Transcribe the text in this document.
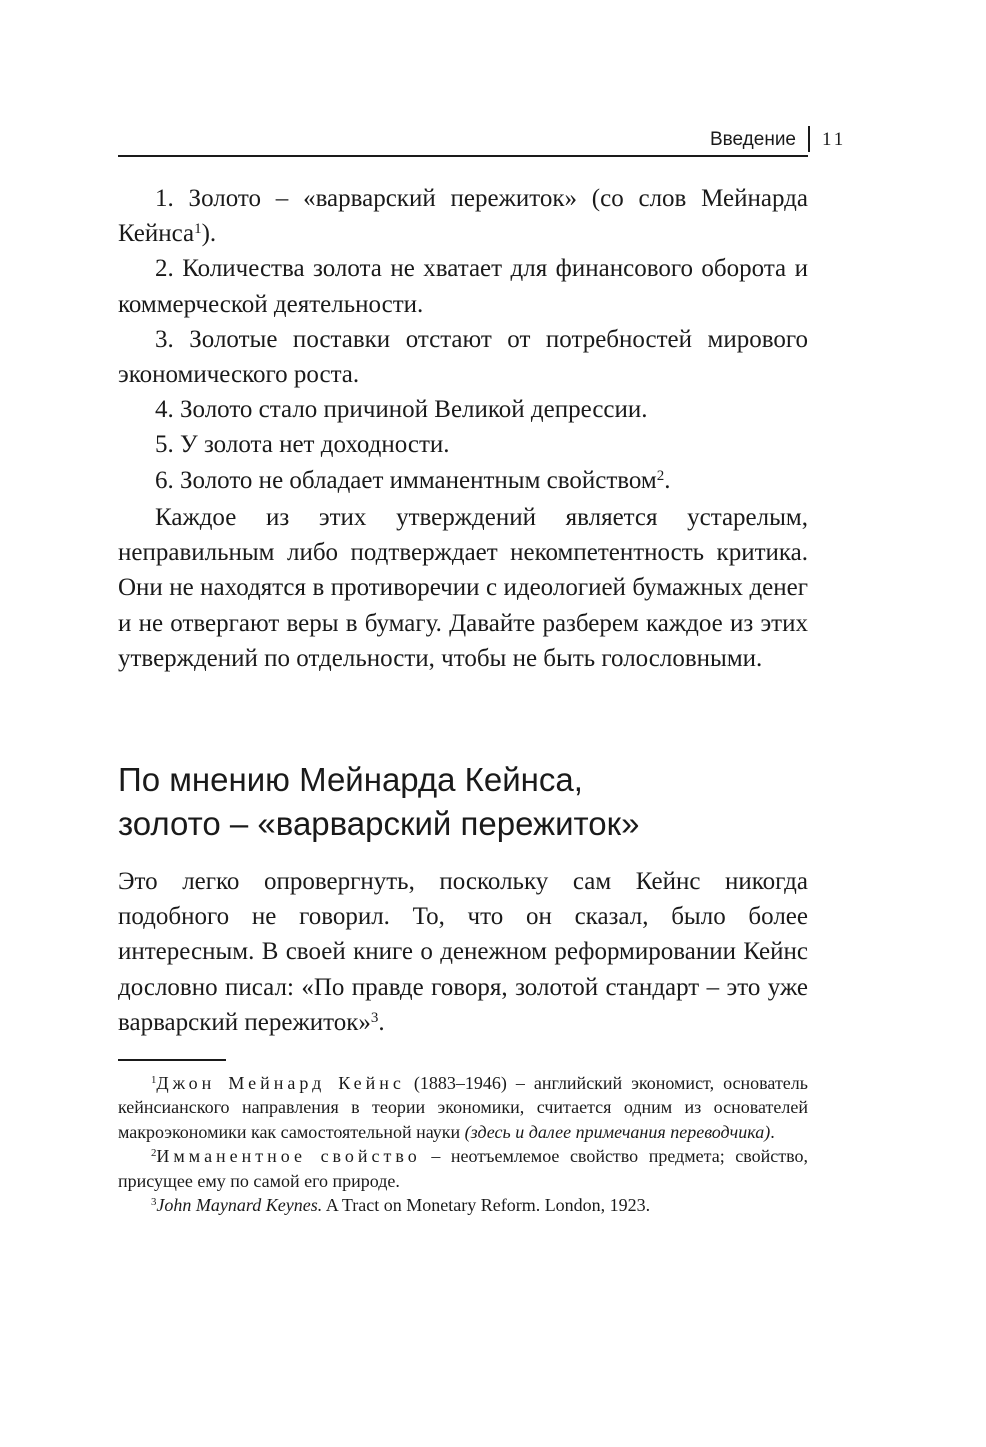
Введение 11

1. Золото – «варварский пережиток» (со слов Мейнарда Кейнса$^1$).

2. Количества золота не хватает для финансового оборота и коммерческой деятельности.

3. Золотые поставки отстают от потребностей мирового экономического роста.

4. Золото стало причиной Великой депрессии.

5. У золота нет доходности.

6. Золото не обладает имманентным свойством$^2$.

Каждое из этих утверждений является устарелым, неправильным либо подтверждает некомпетентность критика. Они не находятся в противоречии с идеологией бумажных денег и не отвергают веры в бумагу. Давайте разберем каждое из этих утверждений по отдельности, чтобы не быть голословными.

По мнению Мейнарда Кейнса,
золото – «варварский пережиток»

Это легко опровергнуть, поскольку сам Кейнс никогда подобного не говорил. То, что он сказал, было более интересным. В своей книге о денежном реформировании Кейнс дословно писал: «По правде говоря, золотой стандарт – это уже варварский пережиток»$^3$.

$^1$Джон Мейнард Кейнс (1883–1946) – английский экономист, основатель кейнсианского направления в теории экономики, считается одним из основателей макроэкономики как самостоятельной науки (здесь и далее примечания переводчика).

$^2$Имманентное свойство – неотъемлемое свойство предмета; свойство, присущее ему по самой его природе.

$^3$John Maynard Keynes. A Tract on Monetary Reform. London, 1923.
